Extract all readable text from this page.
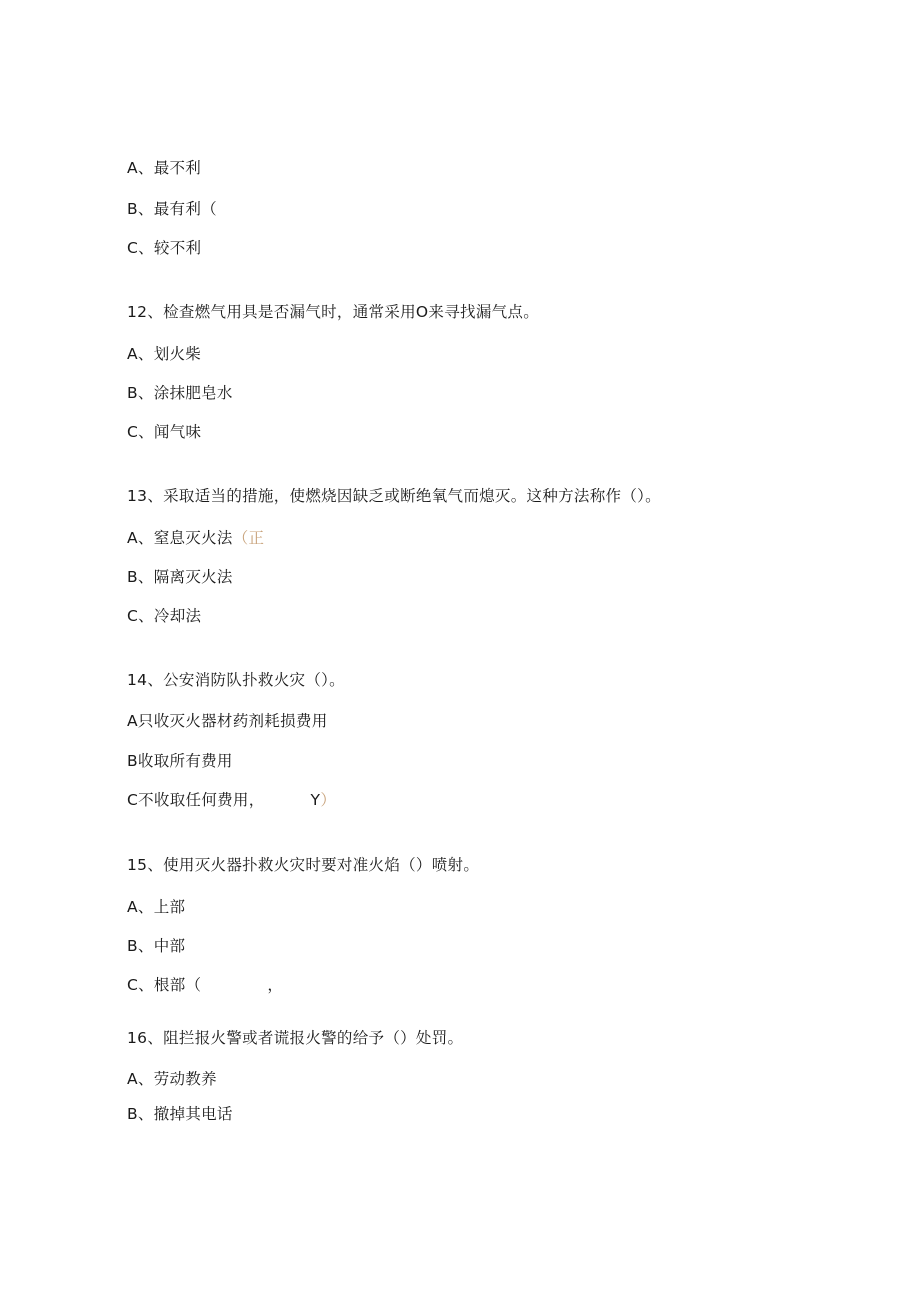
A、最不利
B、最有利（
C、较不利
12、检查燃气用具是否漏气时，通常采用O来寻找漏气点。
A、划火柴
B、涂抹肥皂水
C、闻气味
13、采取适当的措施，使燃烧因缺乏或断绝氧气而熄灭。这种方法称作（）。
A、窒息灭火法（正
B、隔离灭火法
C、冷却法
14、公安消防队扑救火灾（）。
A只收灭火器材药剂耗损费用
B收取所有费用
C不收取任何费用，	Y）
15、使用灭火器扑救火灾时要对准火焰（）喷射。
A、上部
B、中部
C、根部（	，
16、阻拦报火警或者谎报火警的给予（）处罚。
A、劳动教养
B、撤掉其电话
